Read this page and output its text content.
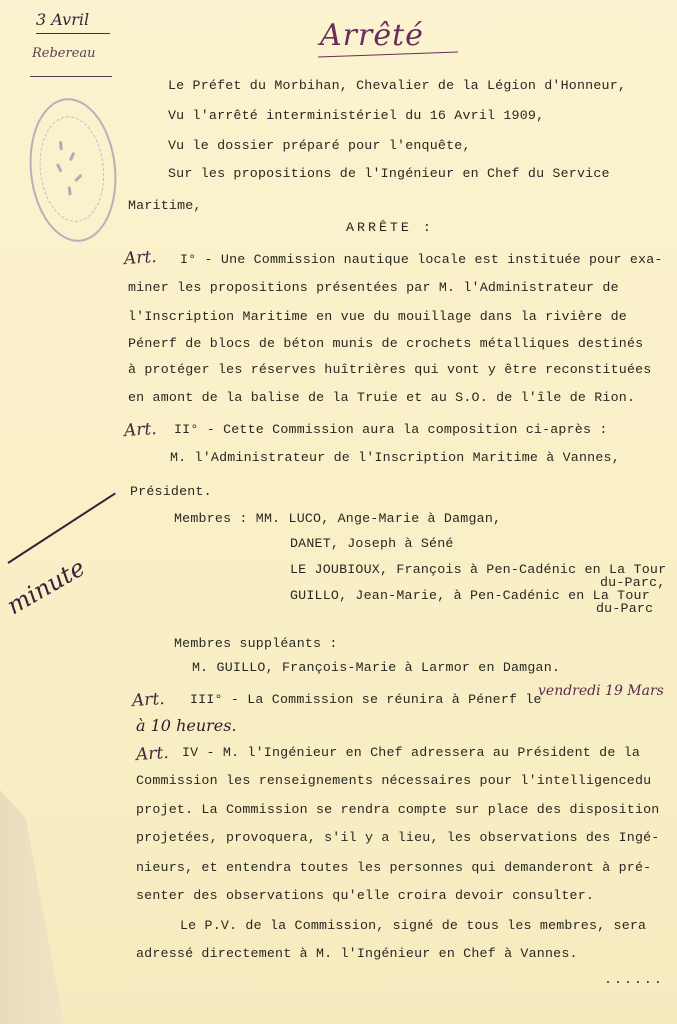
3 Avril
Rebereau
Arrêté
Le Préfet du Morbihan, Chevalier de la Légion d'Honneur,
Vu l'arrêté interministériel du 16 Avril 1909,
Vu le dossier préparé pour l'enquête,
Sur les propositions de l'Ingénieur en Chef du Service
Maritime,
ARRÊTE :
Art. I° - Une Commission nautique locale est instituée pour exa-
miner les propositions présentées par M. l'Administrateur de
l'Inscription Maritime en vue du mouillage dans la rivière de
Pénerf de blocs de béton munis de crochets métalliques destinés
à protéger les réserves huîtrières qui vont y être reconstituées
en amont de la balise de la Truie et au S.O. de l'île de Rion.
Art. II° - Cette Commission aura la composition ci-après :
M. l'Administrateur de l'Inscription Maritime à Vannes,
Président.
Membres : MM. LUCO, Ange-Marie à Damgan,
DANET, Joseph à Séné
LE JOUBIOUX, François à Pen-Cadénic en La Tour
du-Parc,
GUILLO, Jean-Marie, à Pen-Cadénic en La Tour
du-Parc
minute
Membres suppléants :
M. GUILLO, François-Marie à Larmor en Damgan.
Art. III° - La Commission se réunira à Pénerf le
vendredi 19 Mars
à 10 heures.
Art. IV - M. l'Ingénieur en Chef adressera au Président de la
Commission les renseignements nécessaires pour l'intelligencedu
projet. La Commission se rendra compte sur place des disposition
projetées, provoquera, s'il y a lieu, les observations des Ingé-
nieurs, et entendra toutes les personnes qui demanderont à pré-
senter des observations qu'elle croira devoir consulter.
Le P.V. de la Commission, signé de tous les membres, sera
adressé directement à M. l'Ingénieur en Chef à Vannes.
......
